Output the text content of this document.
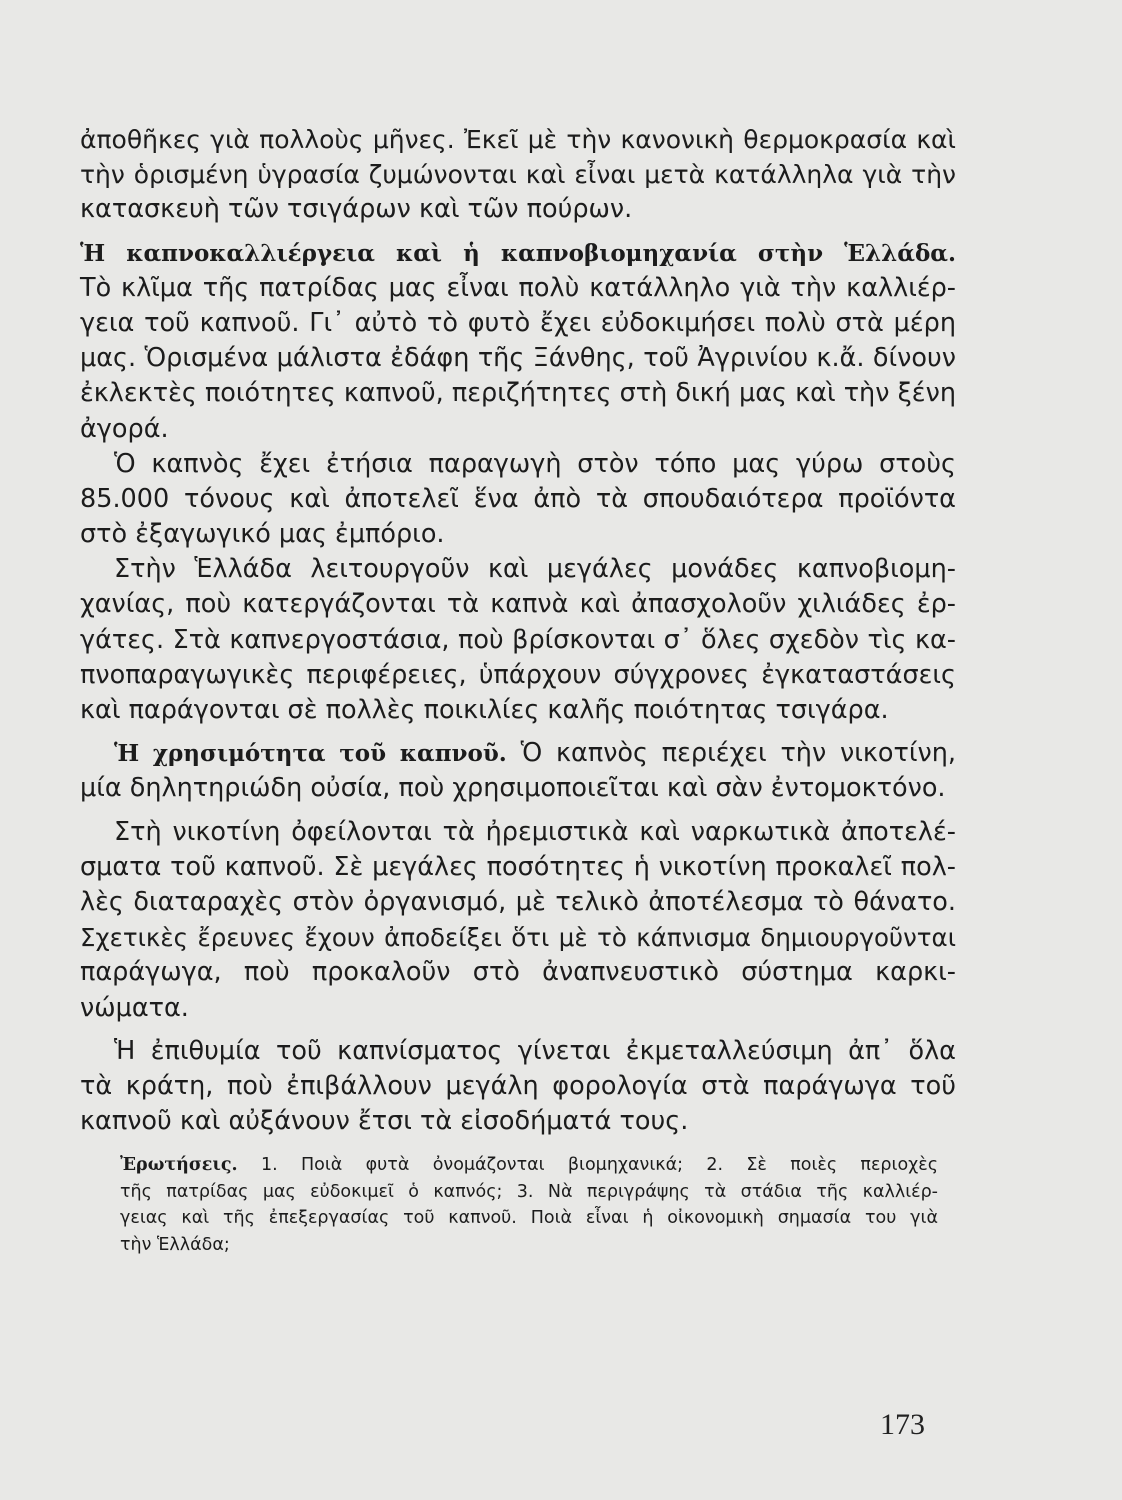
ἀποθῆκες γιὰ πολλοὺς μῆνες. Ἐκεῖ μὲ τὴν κανονικὴ θερμοκρασία καὶ
τὴν ὁρισμένη ὑγρασία ζυμώνονται καὶ εἶναι μετὰ κατάλληλα γιὰ τὴν
κατασκευὴ τῶν τσιγάρων καὶ τῶν πούρων.
Ἡ καπνοκαλλιέργεια καὶ ἡ καπνοβιομηχανία στὴν Ἑλλάδα.
Τὸ κλῖμα τῆς πατρίδας μας εἶναι πολὺ κατάλληλο γιὰ τὴν καλλιέρ-
γεια τοῦ καπνοῦ. Γι᾿ αὐτὸ τὸ φυτὸ ἔχει εὐδοκιμήσει πολὺ στὰ μέρη
μας. Ὁρισμένα μάλιστα ἐδάφη τῆς Ξάνθης, τοῦ Ἀγρινίου κ.ἄ. δίνουν
ἐκλεκτὲς ποιότητες καπνοῦ, περιζήτητες στὴ δική μας καὶ τὴν ξένη
ἀγορά.
Ὁ καπνὸς ἔχει ἐτήσια παραγωγὴ στὸν τόπο μας γύρω στοὺς
85.000 τόνους καὶ ἀποτελεῖ ἕνα ἀπὸ τὰ σπουδαιότερα προϊόντα
στὸ ἐξαγωγικό μας ἐμπόριο.
Στὴν Ἑλλάδα λειτουργοῦν καὶ μεγάλες μονάδες καπνοβιομη-
χανίας, ποὺ κατεργάζονται τὰ καπνὰ καὶ ἀπασχολοῦν χιλιάδες ἐρ-
γάτες. Στὰ καπνεργοστάσια, ποὺ βρίσκονται σ᾿ ὅλες σχεδὸν τὶς κα-
πνοπαραγωγικὲς περιφέρειες, ὑπάρχουν σύγχρονες ἐγκαταστάσεις
καὶ παράγονται σὲ πολλὲς ποικιλίες καλῆς ποιότητας τσιγάρα.
Ἡ χρησιμότητα τοῦ καπνοῦ. Ὁ καπνὸς περιέχει τὴν νικοτίνη,
μία δηλητηριώδη οὐσία, ποὺ χρησιμοποιεῖται καὶ σὰν ἐντομοκτόνο.
Στὴ νικοτίνη ὀφείλονται τὰ ἠρεμιστικὰ καὶ ναρκωτικὰ ἀποτελέ-
σματα τοῦ καπνοῦ. Σὲ μεγάλες ποσότητες ἡ νικοτίνη προκαλεῖ πολ-
λὲς διαταραχὲς στὸν ὀργανισμό, μὲ τελικὸ ἀποτέλεσμα τὸ θάνατο.
Σχετικὲς ἔρευνες ἔχουν ἀποδείξει ὅτι μὲ τὸ κάπνισμα δημιουργοῦνται
παράγωγα, ποὺ προκαλοῦν στὸ ἀναπνευστικὸ σύστημα καρκι-
νώματα.
Ἡ ἐπιθυμία τοῦ καπνίσματος γίνεται ἐκμεταλλεύσιμη ἀπ᾿ ὅλα
τὰ κράτη, ποὺ ἐπιβάλλουν μεγάλη φορολογία στὰ παράγωγα τοῦ
καπνοῦ καὶ αὐξάνουν ἔτσι τὰ εἰσοδήματά τους.
Ἐρωτήσεις. 1. Ποιὰ φυτὰ ὀνομάζονται βιομηχανικά; 2. Σὲ ποιὲς περιοχὲς
τῆς πατρίδας μας εὐδοκιμεῖ ὁ καπνός; 3. Νὰ περιγράψης τὰ στάδια τῆς καλλιέρ-
γειας καὶ τῆς ἐπεξεργασίας τοῦ καπνοῦ. Ποιὰ εἶναι ἡ οἰκονομικὴ σημασία του γιὰ
τὴν Ἑλλάδα;
173
